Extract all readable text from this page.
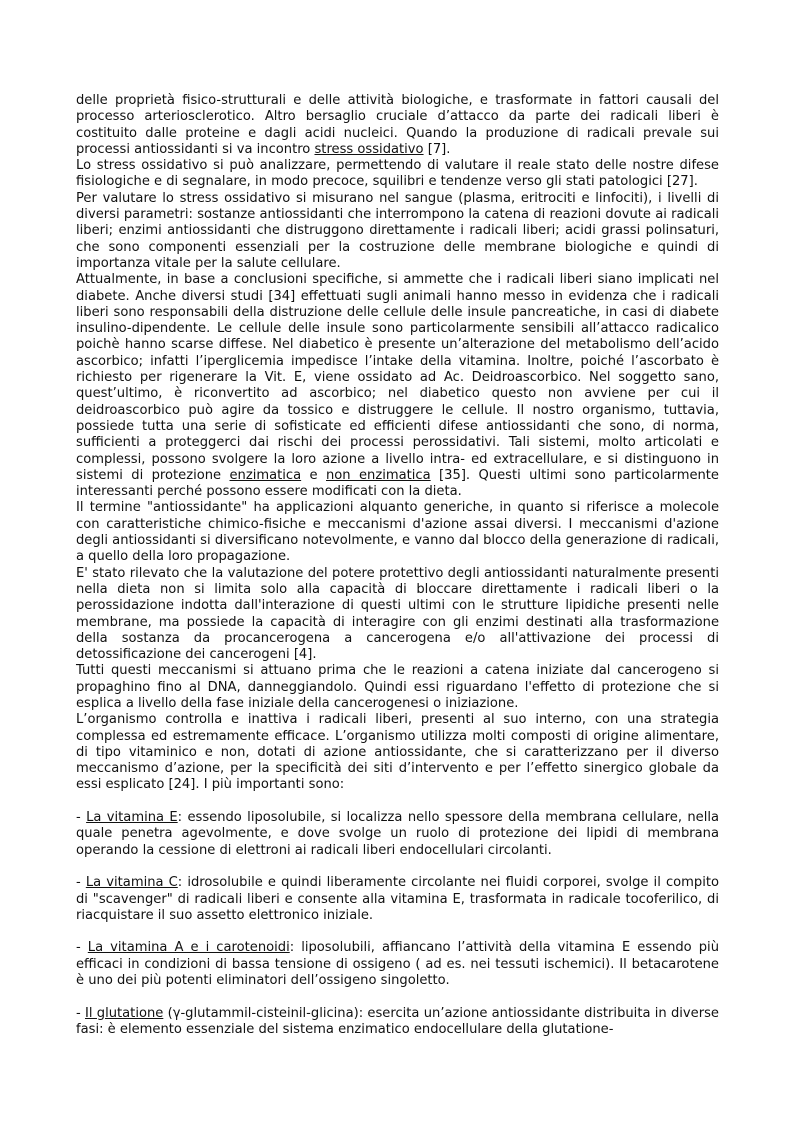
delle proprietà fisico-strutturali e delle attività biologiche, e trasformate in fattori causali del processo arteriosclerotico. Altro bersaglio cruciale d’attacco da parte dei radicali liberi è costituito dalle proteine e dagli acidi nucleici. Quando la produzione di radicali prevale sui processi antiossidanti si va incontro stress ossidativo [7].

Lo stress ossidativo si può analizzare, permettendo di valutare il reale stato delle nostre difese fisiologiche e di segnalare, in modo precoce, squilibri e tendenze verso gli stati patologici [27].

Per valutare lo stress ossidativo si misurano nel sangue (plasma, eritrociti e linfociti), i livelli di diversi parametri: sostanze antiossidanti che interrompono la catena di reazioni dovute ai radicali liberi; enzimi antiossidanti che distruggono direttamente i radicali liberi; acidi grassi polinsaturi, che sono componenti essenziali per la costruzione delle membrane biologiche e quindi di importanza vitale per la salute cellulare.

Attualmente, in base a conclusioni specifiche, si ammette che i radicali liberi siano implicati nel diabete. Anche diversi studi [34] effettuati sugli animali hanno messo in evidenza che i radicali liberi sono responsabili della distruzione delle cellule delle insule pancreatiche, in casi di diabete insulino-dipendente. Le cellule delle insule sono particolarmente sensibili all’attacco radicalico poichè hanno scarse diffese. Nel diabetico è presente un’alterazione del metabolismo dell’acido ascorbico; infatti l’iperglicemia impedisce l’intake della vitamina. Inoltre, poiché l’ascorbato è richiesto per rigenerare la Vit. E, viene ossidato ad Ac. Deidroascorbico. Nel soggetto sano, quest’ultimo, è riconvertito ad ascorbico; nel diabetico questo non avviene per cui il deidroascorbico può agire da tossico e distruggere le cellule. Il nostro organismo, tuttavia, possiede tutta una serie di sofisticate ed efficienti difese antiossidanti che sono, di norma, sufficienti a proteggerci dai rischi dei processi perossidativi. Tali sistemi, molto articolati e complessi, possono svolgere la loro azione a livello intra- ed extracellulare, e si distinguono in sistemi di protezione enzimatica e non enzimatica [35]. Questi ultimi sono particolarmente interessanti perché possono essere modificati con la dieta.

Il termine "antiossidante" ha applicazioni alquanto generiche, in quanto si riferisce a molecole con caratteristiche chimico-fisiche e meccanismi d'azione assai diversi. I meccanismi d'azione degli antiossidanti si diversificano notevolmente, e vanno dal blocco della generazione di radicali, a quello della loro propagazione.

E' stato rilevato che la valutazione del potere protettivo degli antiossidanti naturalmente presenti nella dieta non si limita solo alla capacità di bloccare direttamente i radicali liberi o la perossidazione indotta dall'interazione di questi ultimi con le strutture lipidiche presenti nelle membrane, ma possiede la capacità di interagire con gli enzimi destinati alla trasformazione della sostanza da procancerogena a cancerogena e/o all'attivazione dei processi di detossificazione dei cancerogeni [4].

Tutti questi meccanismi si attuano prima che le reazioni a catena iniziate dal cancerogeno si propaghino fino al DNA, danneggiandolo. Quindi essi riguardano l'effetto di protezione che si esplica a livello della fase iniziale della cancerogenesi o iniziazione.

L’organismo controlla e inattiva i radicali liberi, presenti al suo interno, con una strategia complessa ed estremamente efficace. L’organismo utilizza molti composti di origine alimentare, di tipo vitaminico e non, dotati di azione antiossidante, che si caratterizzano per il diverso meccanismo d’azione, per la specificità dei siti d’intervento e per l’effetto sinergico globale da essi esplicato [24]. I più importanti sono:

- La vitamina E: essendo liposolubile, si localizza nello spessore della membrana cellulare, nella quale penetra agevolmente, e dove svolge un ruolo di protezione dei lipidi di membrana operando la cessione di elettroni ai radicali liberi endocellulari circolanti.

- La vitamina C: idrosolubile e quindi liberamente circolante nei fluidi corporei, svolge il compito di "scavenger" di radicali liberi e consente alla vitamina E, trasformata in radicale tocoferilico, di riacquistare il suo assetto elettronico iniziale.

- La vitamina A e i carotenoidi: liposolubili, affiancano l’attività della vitamina E essendo più efficaci in condizioni di bassa tensione di ossigeno ( ad es. nei tessuti ischemici). Il betacarotene è uno dei più potenti eliminatori dell’ossigeno singoletto.

- Il glutatione (γ-glutammil-cisteinil-glicina): esercita un’azione antiossidante distribuita in diverse fasi: è elemento essenziale del sistema enzimatico endocellulare della glutatione-
